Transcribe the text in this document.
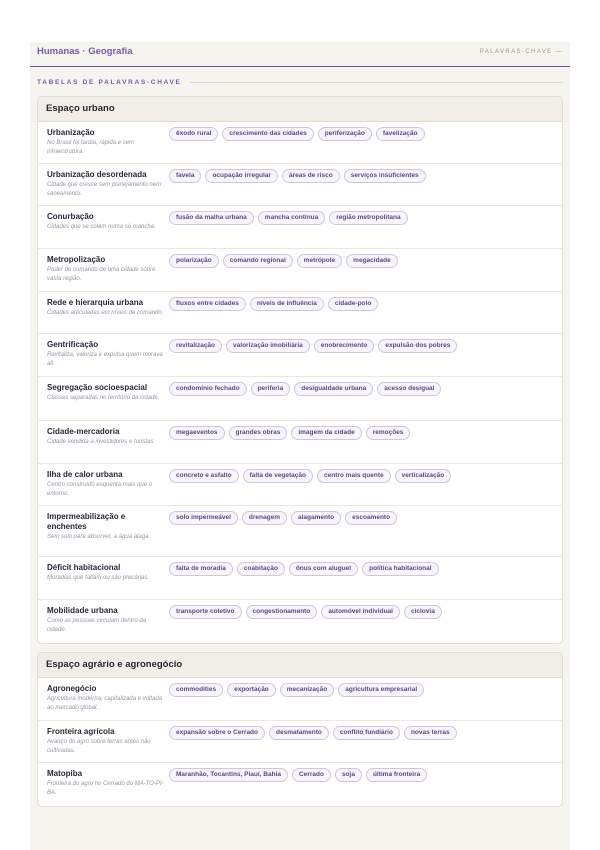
Humanas · Geografia	PALAVRAS-CHAVE —
TABELAS DE PALAVRAS-CHAVE
Espaço urbano
Urbanização
No Brasil foi tardia, rápida e sem infraestrutura.
êxodo rural	crescimento das cidades	periferização	favelização
Urbanização desordenada
Cidade que cresce sem planejamento nem saneamento.
favela	ocupação irregular	áreas de risco	serviços insuficientes
Conurbação
Cidades que se colam numa só mancha.
fusão da malha urbana	mancha contínua	região metropolitana
Metropolização
Poder de comando de uma cidade sobre vasta região.
polarização	comando regional	metrópole	megacidade
Rede e hierarquia urbana
Cidades articuladas em níveis de comando.
fluxos entre cidades	níveis de influência	cidade-polo
Gentrificação
Revitaliza, valoriza e expulsa quem morava ali.
revitalização	valorização imobiliária	enobrecimento	expulsão dos pobres
Segregação socioespacial
Classes separadas no território da cidade.
condomínio fechado	periferia	desigualdade urbana	acesso desigual
Cidade-mercadoria
Cidade vendida a investidores e turistas.
megaeventos	grandes obras	imagem da cidade	remoções
Ilha de calor urbana
Centro construído esquenta mais que o entorno.
concreto e asfalto	falta de vegetação	centro mais quente	verticalização
Impermeabilização e enchentes
Sem solo para absorver, a água alaga.
solo impermeável	drenagem	alagamento	escoamento
Déficit habitacional
Moradias que faltam ou são precárias.
falta de moradia	coabitação	ônus com aluguel	política habitacional
Mobilidade urbana
Como as pessoas circulam dentro da cidade.
transporte coletivo	congestionamento	automóvel individual	ciclovia
Espaço agrário e agronegócio
Agronegócio
Agricultura moderna, capitalizada e voltada ao mercado global.
commodities	exportação	mecanização	agricultura empresarial
Fronteira agrícola
Avanço do agro sobre terras antes não cultivadas.
expansão sobre o Cerrado	desmatamento	conflito fundiário	novas terras
Matopiba
Fronteira do agro no Cerrado do MA-TO-PI-BA.
Maranhão, Tocantins, Piauí, Bahia	Cerrado	soja	última fronteira
